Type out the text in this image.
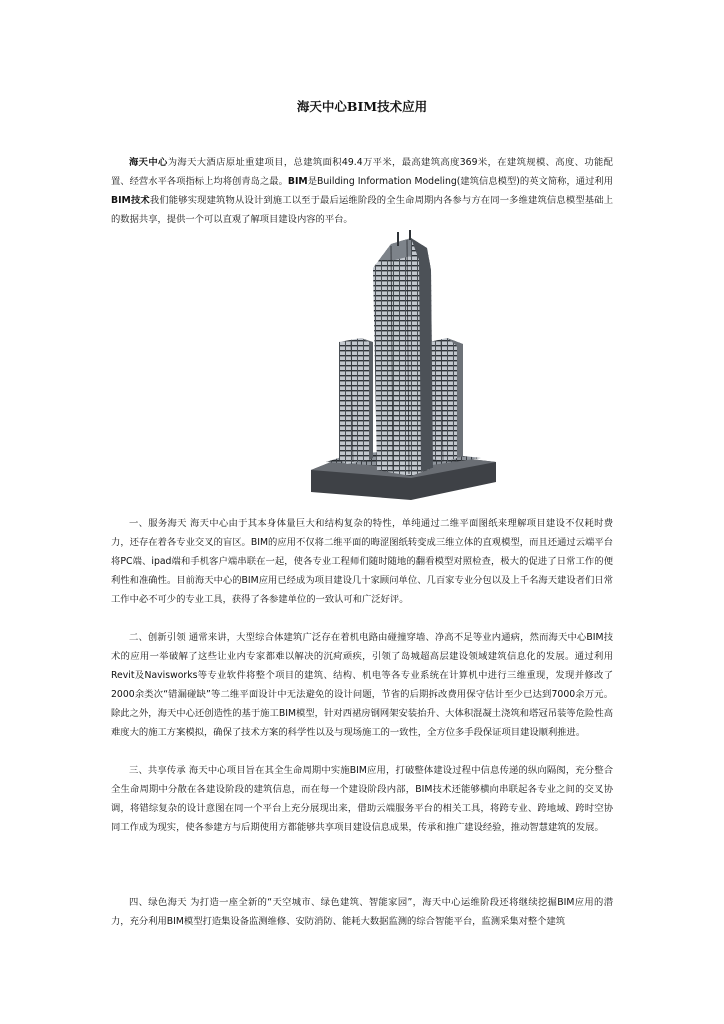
海天中心BIM技术应用

海天中心为海天大酒店原址重建项目，总建筑面积49.4万平米，最高建筑高度369米，在建筑规模、高度、功能配置、经营水平各项指标上均将创青岛之最。BIM是Building Information Modeling(建筑信息模型)的英文简称，通过利用BIM技术我们能够实现建筑物从设计到施工以至于最后运维阶段的全生命周期内各参与方在同一多维建筑信息模型基础上的数据共享，提供一个可以直观了解项目建设内容的平台。

一、服务海天 海天中心由于其本身体量巨大和结构复杂的特性，单纯通过二维平面图纸来理解项目建设不仅耗时费力，还存在着各专业交叉的盲区。BIM的应用不仅将二维平面的晦涩图纸转变成三维立体的直观模型，而且还通过云端平台将PC端、ipad端和手机客户端串联在一起，使各专业工程师们随时随地的翻看模型对照检查，极大的促进了日常工作的便利性和准确性。目前海天中心的BIM应用已经成为项目建设几十家顾问单位、几百家专业分包以及上千名海天建设者们日常工作中必不可少的专业工具，获得了各参建单位的一致认可和广泛好评。

二、创新引领 通常来讲，大型综合体建筑广泛存在着机电路由碰撞穿墙、净高不足等业内通病，然而海天中心BIM技术的应用一举破解了这些让业内专家都难以解决的沉疴顽疾，引领了岛城超高层建设领域建筑信息化的发展。通过利用Revit及Navisworks等专业软件将整个项目的建筑、结构、机电等各专业系统在计算机中进行三维重现，发现并修改了2000余类次“错漏碰缺”等二维平面设计中无法避免的设计问题，节省的后期拆改费用保守估计至少已达到7000余万元。除此之外，海天中心还创造性的基于施工BIM模型，针对西裙房钢网架安装抬升、大体积混凝土浇筑和塔冠吊装等危险性高难度大的施工方案模拟，确保了技术方案的科学性以及与现场施工的一致性，全方位多手段保证项目建设顺利推进。

三、共享传承 海天中心项目旨在其全生命周期中实施BIM应用，打破整体建设过程中信息传递的纵向隔阂，充分整合全生命周期中分散在各建设阶段的建筑信息，而在每一个建设阶段内部，BIM技术还能够横向串联起各专业之间的交叉协调，将错综复杂的设计意图在同一个平台上充分展现出来，借助云端服务平台的相关工具，将跨专业、跨地域、跨时空协同工作成为现实，使各参建方与后期使用方都能够共享项目建设信息成果，传承和推广建设经验，推动智慧建筑的发展。

四、绿色海天 为打造一座全新的“天空城市、绿色建筑、智能家园”，海天中心运维阶段还将继续挖掘BIM应用的潜力，充分利用BIM模型打造集设备监测维修、安防消防、能耗大数据监测的综合智能平台，监测采集对整个建筑
